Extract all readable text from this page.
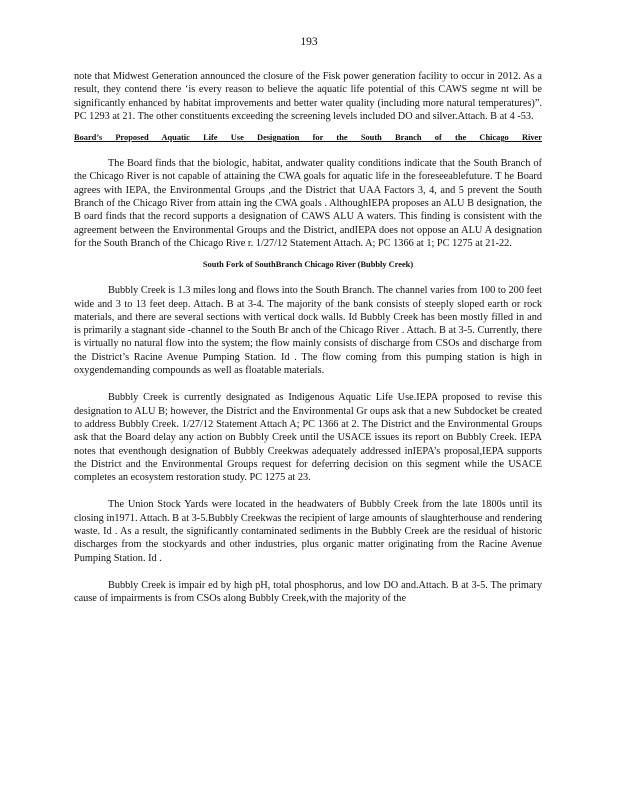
193

note that Midwest Generation announced the closure of the Fisk power generation facility to occur in 2012. As a result, they contend there ‘is every reason to believe the aquatic life potential of this CAWS segme nt will be significantly enhanced by habitat improvements and better water quality (including more natural temperatures)”. PC 1293 at 21. The other constituents exceeding the screening levels included DO and silver.Attach. B at 4 -53.

Board’s Proposed Aquatic Life Use Designation for the South Branch of the Chicago River

The Board finds that the biologic, habitat, andwater quality conditions indicate that the South Branch of the Chicago River is not capable of attaining the CWA goals for aquatic life in the foreseeablefuture. T he Board agrees with IEPA, the Environmental Groups ,and the District that UAA Factors 3, 4, and 5 prevent the South Branch of the Chicago River from attain ing the CWA goals . AlthoughIEPA proposes an ALU B designation, the B oard finds that the record supports a designation of CAWS ALU A waters. This finding is consistent with the agreement between the Environmental Groups and the District, andIEPA does not oppose an ALU A designation for the South Branch of the Chicago Rive r. 1/27/12 Statement Attach. A; PC 1366 at 1; PC 1275 at 21-22.

South Fork of SouthBranch Chicago River (Bubbly Creek)

Bubbly Creek is 1.3 miles long and flows into the South Branch. The channel varies from 100 to 200 feet wide and 3 to 13 feet deep. Attach. B at 3-4. The majority of the bank consists of steeply sloped earth or rock materials, and there are several sections with vertical dock walls. Id Bubbly Creek has been mostly filled in and is primarily a stagnant side -channel to the South Br anch of the Chicago River . Attach. B at 3-5. Currently, there is virtually no natural flow into the system; the flow mainly consists of discharge from CSOs and discharge from the District’s Racine Avenue Pumping Station. Id . The flow coming from this pumping station is high in oxygendemanding compounds as well as floatable materials.

Bubbly Creek is currently designated as Indigenous Aquatic Life Use.IEPA proposed to revise this designation to ALU B; however, the District and the Environmental Gr oups ask that a new Subdocket be created to address Bubbly Creek. 1/27/12 Statement Attach A; PC 1366 at 2. The District and the Environmental Groups ask that the Board delay any action on Bubbly Creek until the USACE issues its report on Bubbly Creek. IEPA notes that eventhough designation of Bubbly Creekwas adequately addressed inIEPA’s proposal,IEPA supports the District and the Environmental Groups request for deferring decision on this segment while the USACE completes an ecosystem restoration study. PC 1275 at 23.

The Union Stock Yards were located in the headwaters of Bubbly Creek from the late 1800s until its closing in1971. Attach. B at 3-5.Bubbly Creekwas the recipient of large amounts of slaughterhouse and rendering waste. Id . As a result, the significantly contaminated sediments in the Bubbly Creek are the residual of historic discharges from the stockyards and other industries, plus organic matter originating from the Racine Avenue Pumping Station. Id .

Bubbly Creek is impair ed by high pH, total phosphorus, and low DO and.Attach. B at 3-5. The primary cause of impairments is from CSOs along Bubbly Creek,with the majority of the
